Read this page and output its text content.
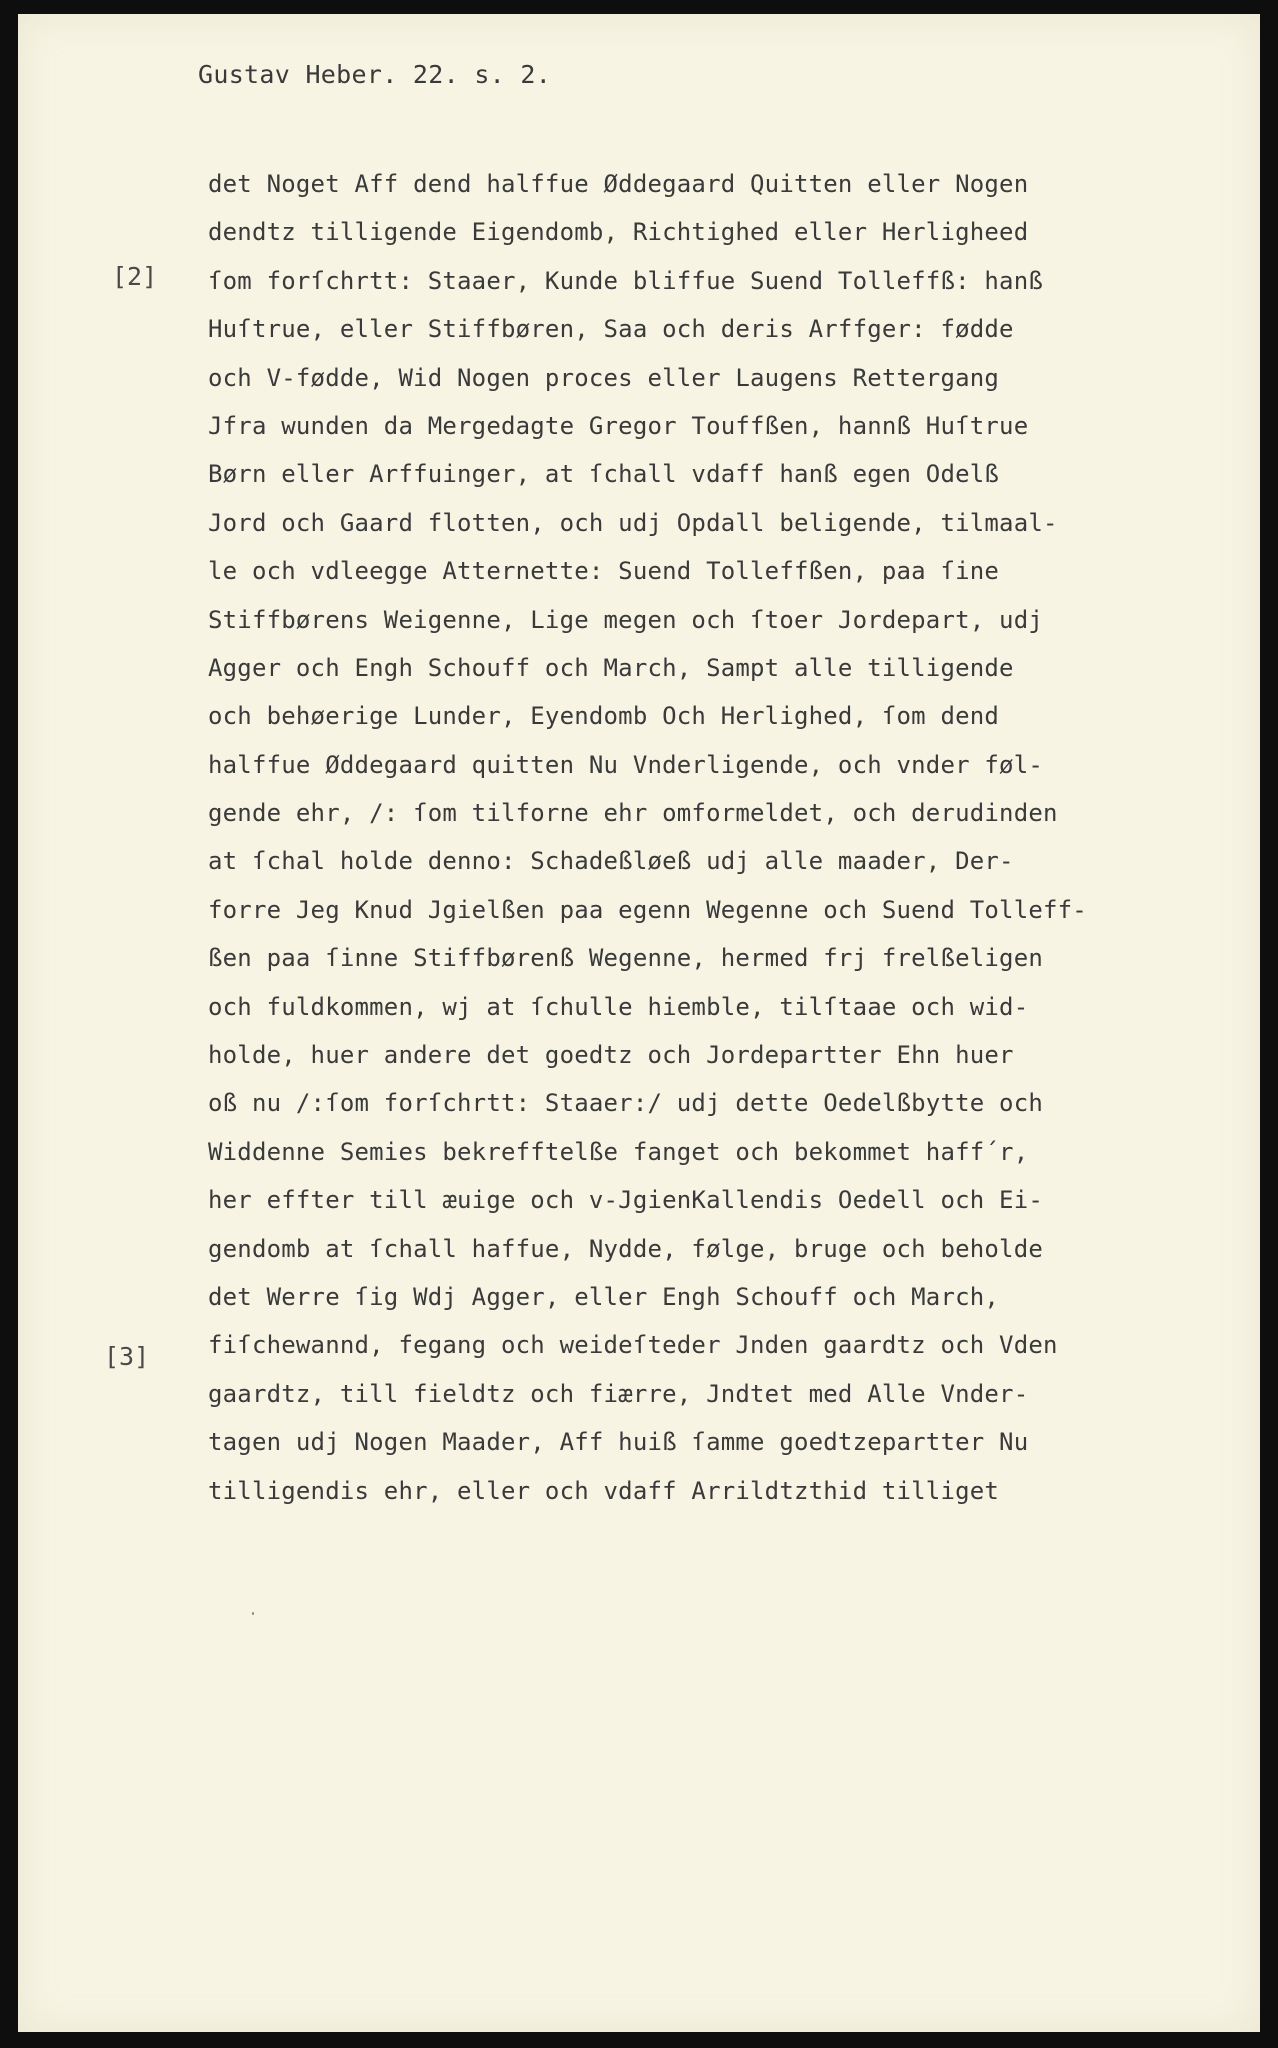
Gustav Heber. 22. s. 2.
[2]
[3]
det Noget Aff dend halffue Øddegaard Quitten eller Nogen
dendtz tilligende Eigendomb, Richtighed eller Herligheed
ſom forſchrtt: Staaer, Kunde bliffue Suend Tolleffß: hanß
Huſtrue, eller Stiffbøren, Saa och deris Arffger: fødde
och V-fødde, Wid Nogen proces eller Laugens Rettergang
Jfra wunden da Mergedagte Gregor Touffßen, hannß Huſtrue
Børn eller Arffuinger, at ſchall vdaff hanß egen Odelß
Jord och Gaard flotten, och udj Opdall beligende, tilmaal-
le och vdleegge Atternette: Suend Tolleffßen, paa ſine
Stiffbørens Weigenne, Lige megen och ſtoer Jordepart, udj
Agger och Engh Schouff och March, Sampt alle tilligende
och behøerige Lunder, Eyendomb Och Herlighed, ſom dend
halffue Øddegaard quitten Nu Vnderligende, och vnder føl-
gende ehr, /: ſom tilforne ehr omformeldet, och derudinden
at ſchal holde denno: Schadeßløeß udj alle maader, Der-
forre Jeg Knud Jgielßen paa egenn Wegenne och Suend Tolleff-
ßen paa ſinne Stiffbørenß Wegenne, hermed frj frelßeligen
och fuldkommen, wj at ſchulle hiemble, tilſtaae och wid-
holde, huer andere det goedtz och Jordepartter Ehn huer
oß nu /:ſom forſchrtt: Staaer:/ udj dette Oedelßbytte och
Widdenne Semies bekrefftelße fanget och bekommet haff´r,
her effter till æuige och v-JgienKallendis Oedell och Ei-
gendomb at ſchall haffue, Nydde, følge, bruge och beholde
det Werre ſig Wdj Agger, eller Engh Schouff och March,
fiſchewannd, fegang och weideſteder Jnden gaardtz och Vden
gaardtz, till fieldtz och fiærre, Jndtet med Alle Vnder-
tagen udj Nogen Maader, Aff huiß ſamme goedtzepartter Nu
tilligendis ehr, eller och vdaff Arrildtzthid tilliget
